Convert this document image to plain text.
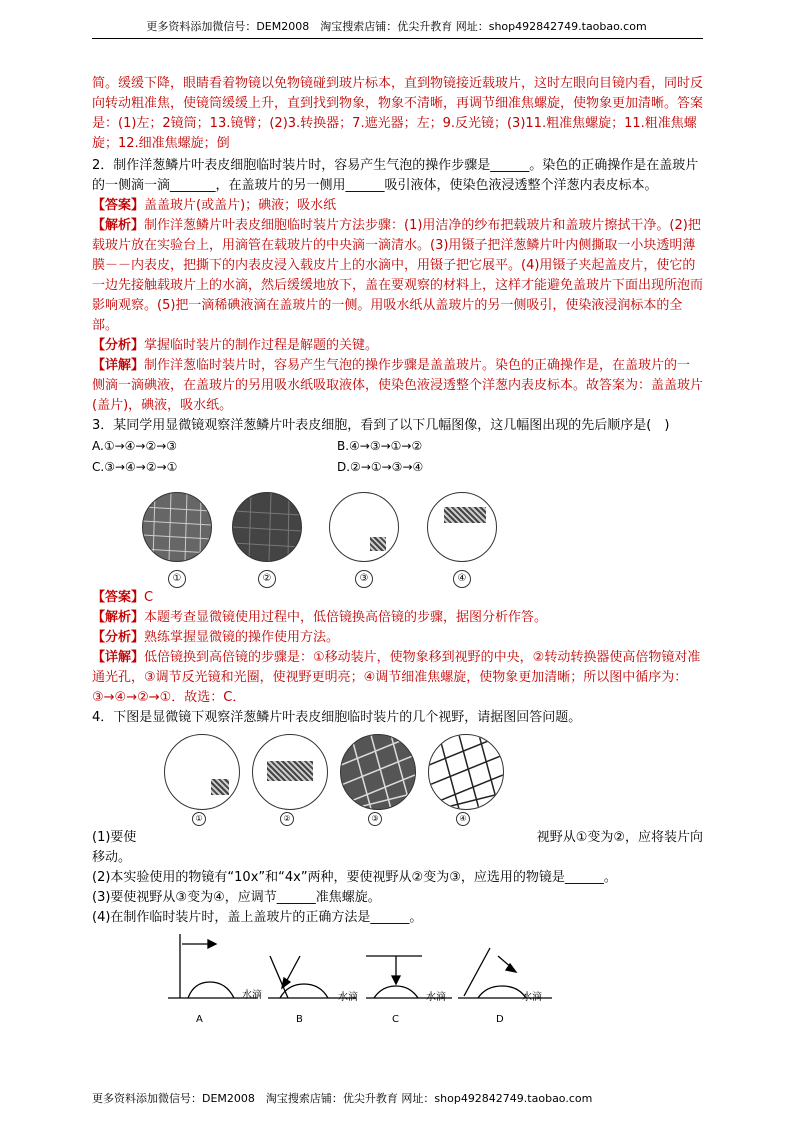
更多资料添加微信号：DEM2008　淘宝搜索店铺：优尖升教育 网址：shop492842749.taobao.com

简。缓缓下降，眼睛看着物镜以免物镜碰到玻片标本，直到物镜接近载玻片，这时左眼向目镜内看，同时反向转动粗准焦，使镜筒缓缓上升，直到找到物象，物象不清晰，再调节细准焦螺旋，使物象更加清晰。答案是：(1)左；2镜筒；13.镜臂；(2)3.转换器；7.遮光器；左；9.反光镜；(3)11.粗准焦螺旋；11.粗准焦螺旋；12.细准焦螺旋；倒

2．制作洋葱鳞片叶表皮细胞临时装片时，容易产生气泡的操作步骤是______。染色的正确操作是在盖玻片的一侧滴一滴_______，在盖玻片的另一侧用______吸引液体，使染色液浸透整个洋葱内表皮标本。

【答案】盖盖玻片(或盖片)；碘液；吸水纸

【解析】制作洋葱鳞片叶表皮细胞临时装片方法步骤：(1)用洁净的纱布把载玻片和盖玻片擦拭干净。(2)把载玻片放在实验台上，用滴管在载玻片的中央滴一滴清水。(3)用镊子把洋葱鳞片叶内侧撕取一小块透明薄膜－－内表皮，把撕下的内表皮浸入载皮片上的水滴中，用镊子把它展平。(4)用镊子夹起盖皮片，使它的一边先接触载玻片上的水滴，然后缓缓地放下，盖在要观察的材料上，这样才能避免盖玻片下面出现所泡而影响观察。(5)把一滴稀碘液滴在盖玻片的一侧。用吸水纸从盖玻片的另一侧吸引，使染液浸润标本的全部。

【分析】掌握临时装片的制作过程是解题的关键。

【详解】制作洋葱临时装片时，容易产生气泡的操作步骤是盖盖玻片。染色的正确操作是，在盖玻片的一侧滴一滴碘液，在盖玻片的另用吸水纸吸取液体，使染色液浸透整个洋葱内表皮标本。故答案为：盖盖玻片(盖片)，碘液，吸水纸。

3．某同学用显微镜观察洋葱鳞片叶表皮细胞，看到了以下几幅图像，这几幅图出现的先后顺序是(　)

A.①→④→②→③	B.④→③→①→②
C.③→④→②→①	D.②→①→③→④
①	②	③	④

【答案】C

【解析】本题考查显微镜使用过程中，低倍镜换高倍镜的步骤，据图分析作答。

【分析】熟练掌握显微镜的操作使用方法。

【详解】低倍镜换到高倍镜的步骤是：①移动装片，使物象移到视野的中央，②转动转换器使高倍物镜对准通光孔，③调节反光镜和光圈，使视野更明亮；④调节细准焦螺旋，使物象更加清晰；所以图中循序为： ③→④→②→①．故选：C．

4．下图是显微镜下观察洋葱鳞片叶表皮细胞临时装片的几个视野，请据图回答问题。

①	②	③	④
(1)要使	视野从①变为②，应将装片向

移动。

(2)本实验使用的物镜有“10x”和“4x”两种，要使视野从②变为③，应选用的物镜是______。

(3)要使视野从③变为④，应调节______准焦螺旋。

(4)在制作临时装片时，盖上盖玻片的正确方法是______。

水滴	水滴	水滴	水滴
A	B	C	D
更多资料添加微信号：DEM2008　淘宝搜索店铺：优尖升教育 网址：shop492842749.taobao.com
